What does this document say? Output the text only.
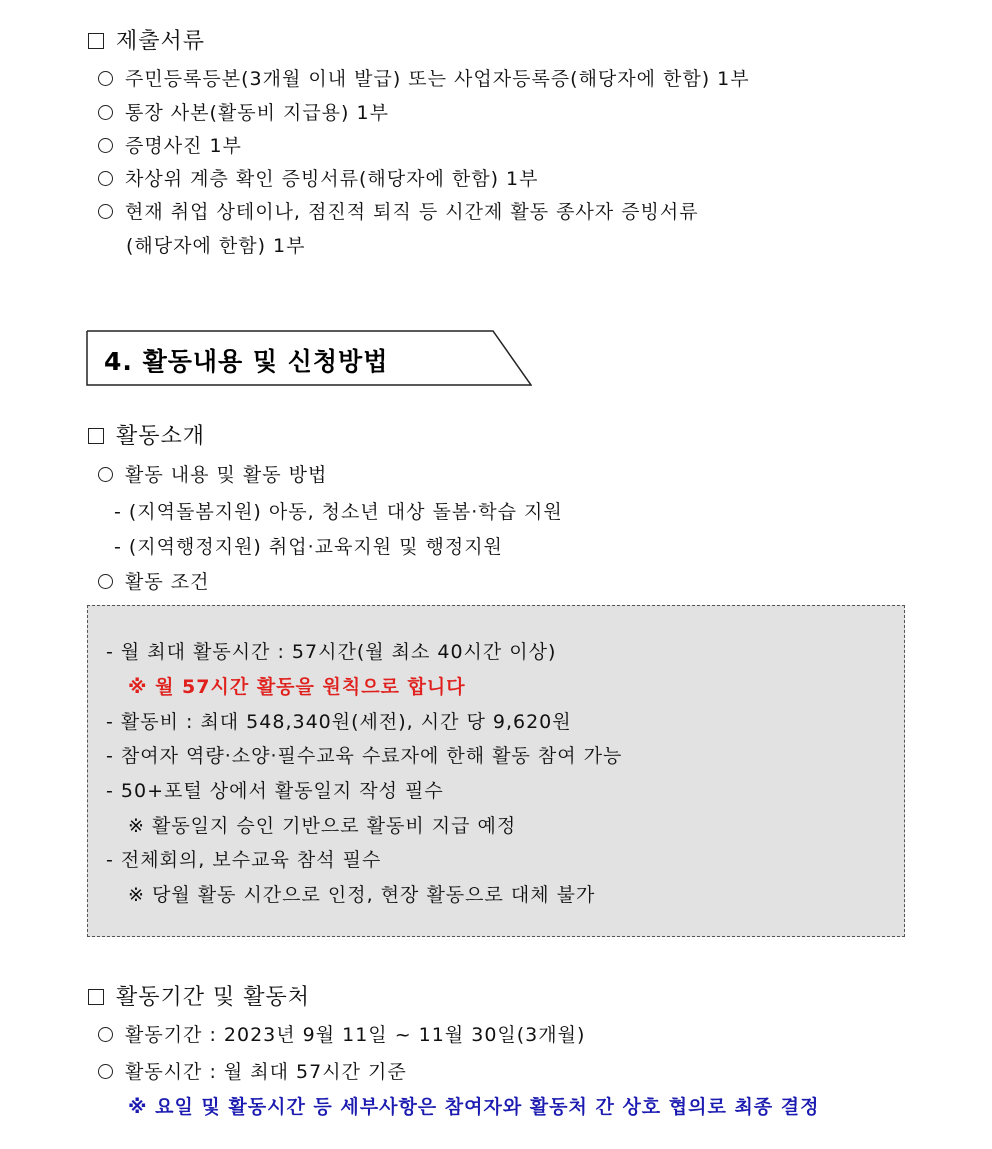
제출서류
주민등록등본(3개월 이내 발급) 또는 사업자등록증(해당자에 한함) 1부
통장 사본(활동비 지급용) 1부
증명사진 1부
차상위 계층 확인 증빙서류(해당자에 한함) 1부
현재 취업 상테이나, 점진적 퇴직 등 시간제 활동 종사자 증빙서류
(해당자에 한함) 1부
4. 활동내용 및 신청방법
활동소개
활동 내용 및 활동 방법
- (지역돌봄지원) 아동, 청소년 대상 돌봄·학습 지원
- (지역행정지원) 취업·교육지원 및 행정지원
활동 조건
- 월 최대 활동시간 : 57시간(월 최소 40시간 이상)
※ 월 57시간 활동을 원칙으로 합니다
- 활동비 : 최대 548,340원(세전), 시간 당 9,620원
- 참여자 역량·소양·필수교육 수료자에 한해 활동 참여 가능
- 50+포털 상에서 활동일지 작성 필수
※ 활동일지 승인 기반으로 활동비 지급 예정
- 전체회의, 보수교육 참석 필수
※ 당월 활동 시간으로 인정, 현장 활동으로 대체 불가
활동기간 및 활동처
활동기간 : 2023년 9월 11일 ~ 11월 30일(3개월)
활동시간 : 월 최대 57시간 기준
※ 요일 및 활동시간 등 세부사항은 참여자와 활동처 간 상호 협의로 최종 결정
